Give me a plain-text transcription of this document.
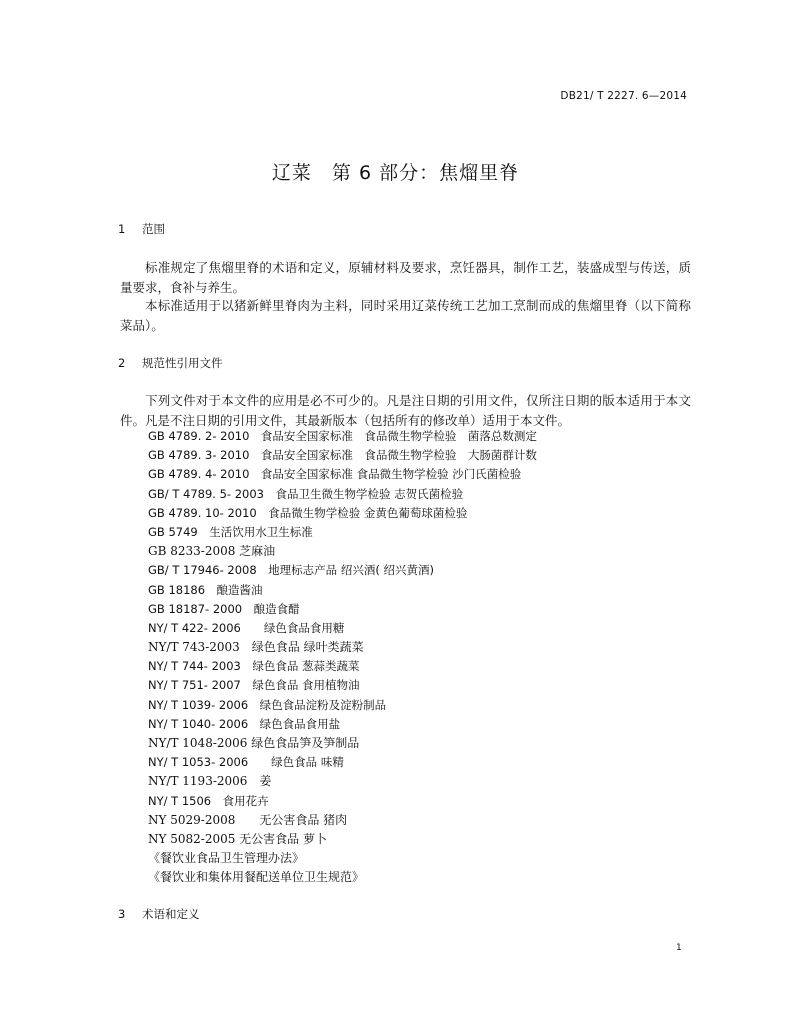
DB21/ T 2227. 6—2014
辽菜　第 6 部分：焦熘里脊
1 范围
标准规定了焦熘里脊的术语和定义，原辅材料及要求，烹饪器具，制作工艺，装盛成型与传送，质量要求，食补与养生。
本标准适用于以猪新鲜里脊肉为主料，同时采用辽菜传统工艺加工烹制而成的焦熘里脊（以下简称菜品）。
2 规范性引用文件
下列文件对于本文件的应用是必不可少的。凡是注日期的引用文件，仅所注日期的版本适用于本文件。凡是不注日期的引用文件，其最新版本（包括所有的修改单）适用于本文件。
GB 4789. 2- 2010　食品安全国家标准　食品微生物学检验　菌落总数测定
GB 4789. 3- 2010　食品安全国家标准　食品微生物学检验　大肠菌群计数
GB 4789. 4- 2010　食品安全国家标准 食品微生物学检验 沙门氏菌检验
GB/ T 4789. 5- 2003　食品卫生微生物学检验 志贺氏菌检验
GB 4789. 10- 2010　食品微生物学检验 金黄色葡萄球菌检验
GB 5749　生活饮用水卫生标准
GB 8233-2008 芝麻油
GB/ T 17946- 2008　地理标志产品 绍兴酒( 绍兴黄酒)
GB 18186　酿造酱油
GB 18187- 2000　酿造食醋
NY/ T 422- 2006　　绿色食品食用糖
NY/T 743-2003　绿色食品 绿叶类蔬菜
NY/ T 744- 2003　绿色食品 葱蒜类蔬菜
NY/ T 751- 2007　绿色食品 食用植物油
NY/ T 1039- 2006　绿色食品淀粉及淀粉制品
NY/ T 1040- 2006　绿色食品食用盐
NY/T 1048-2006 绿色食品笋及笋制品
NY/ T 1053- 2006　　绿色食品 味精
NY/T 1193-2006　姜
NY/ T 1506　食用花卉
NY 5029-2008　　无公害食品 猪肉
NY 5082-2005 无公害食品 萝卜
《餐饮业食品卫生管理办法》
《餐饮业和集体用餐配送单位卫生规范》
3 术语和定义
1
